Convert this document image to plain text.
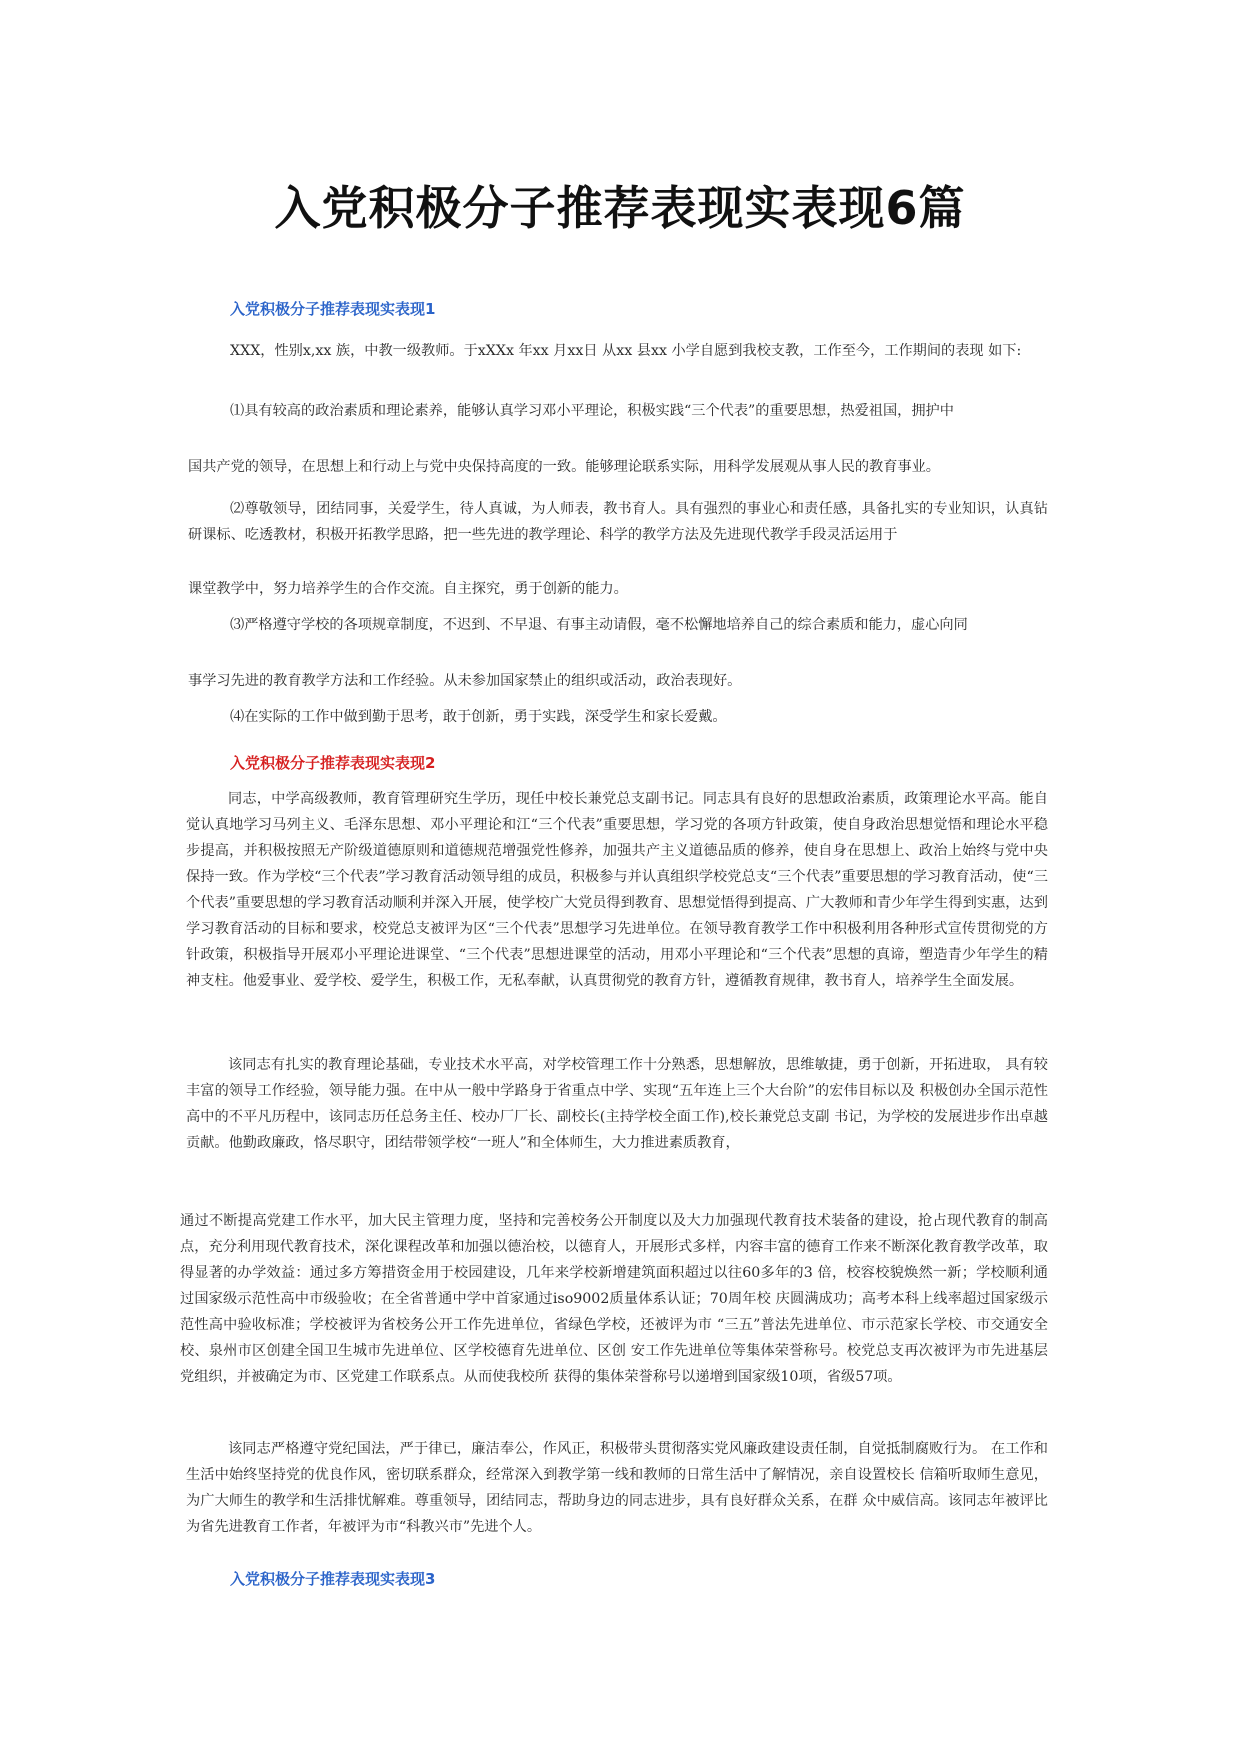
入党积极分子推荐表现实表现6篇
入党积极分子推荐表现实表现1

XXX，性别x,xx 族，中教一级教师。于xXXx 年xx 月xx日 从xx 县xx 小学自愿到我校支教，工作至今，工作期间的表现 如下:

⑴具有较高的政治素质和理论素养，能够认真学习邓小平理论，积极实践“三个代表”的重要思想，热爱祖国，拥护中

国共产党的领导，在思想上和行动上与党中央保持高度的一致。能够理论联系实际，用科学发展观从事人民的教育事业。

⑵尊敬领导，团结同事，关爱学生，待人真诚，为人师表，教书育人。具有强烈的事业心和责任感，具备扎实的专业知识，认真钻研课标、吃透教材，积极开拓教学思路，把一些先进的教学理论、科学的教学方法及先进现代教学手段灵活运用于

课堂教学中，努力培养学生的合作交流。自主探究，勇于创新的能力。

⑶严格遵守学校的各项规章制度，不迟到、不早退、有事主动请假，毫不松懈地培养自己的综合素质和能力，虚心向同

事学习先进的教育教学方法和工作经验。从未参加国家禁止的组织或活动，政治表现好。

⑷在实际的工作中做到勤于思考，敢于创新，勇于实践，深受学生和家长爱戴。

入党积极分子推荐表现实表现2

同志，中学高级教师，教育管理研究生学历，现任中校长兼党总支副书记。同志具有良好的思想政治素质，政策理论水平高。能自觉认真地学习马列主义、毛泽东思想、邓小平理论和江“三个代表”重要思想，学习党的各项方针政策，使自身政治思想觉悟和理论水平稳步提高，并积极按照无产阶级道德原则和道德规范增强党性修养，加强共产主义道德品质的修养，使自身在思想上、政治上始终与党中央保持一致。作为学校“三个代表”学习教育活动领导组的成员，积极参与并认真组织学校党总支“三个代表”重要思想的学习教育活动，使“三个代表”重要思想的学习教育活动顺利并深入开展，使学校广大党员得到教育、思想觉悟得到提高、广大教师和青少年学生得到实惠，达到学习教育活动的目标和要求，校党总支被评为区“三个代表”思想学习先进单位。在领导教育教学工作中积极利用各种形式宣传贯彻党的方针政策，积极指导开展邓小平理论进课堂、“三个代表”思想进课堂的活动，用邓小平理论和“三个代表”思想的真谛，塑造青少年学生的精神支柱。他爱事业、爱学校、爱学生，积极工作，无私奉献，认真贯彻党的教育方针，遵循教育规律，教书育人，培养学生全面发展。

该同志有扎实的教育理论基础，专业技术水平高，对学校管理工作十分熟悉，思想解放，思维敏捷，勇于创新，开拓进取， 具有较丰富的领导工作经验，领导能力强。在中从一般中学路身于省重点中学、实现“五年连上三个大台阶”的宏伟目标以及 积极创办全国示范性高中的不平凡历程中，该同志历任总务主任、校办厂厂长、副校长(主持学校全面工作),校长兼党总支副 书记，为学校的发展进步作出卓越贡献。他勤政廉政，恪尽职守，团结带领学校“一班人”和全体师生，大力推进素质教育，

通过不断提高党建工作水平，加大民主管理力度，坚持和完善校务公开制度以及大力加强现代教育技术装备的建设，抢占现代教育的制高点，充分利用现代教育技术，深化课程改革和加强以德治校，以德育人，开展形式多样，内容丰富的德育工作来不断深化教育教学改革，取得显著的办学效益：通过多方筹措资金用于校园建设，几年来学校新增建筑面积超过以往60多年的3 倍，校容校貌焕然一新；学校顺利通过国家级示范性高中市级验收；在全省普通中学中首家通过iso9002质量体系认证；70周年校 庆圆满成功；高考本科上线率超过国家级示范性高中验收标准；学校被评为省校务公开工作先进单位，省绿色学校，还被评为市 “三五”普法先进单位、市示范家长学校、市交通安全校、泉州市区创建全国卫生城市先进单位、区学校德育先进单位、区创 安工作先进单位等集体荣誉称号。校党总支再次被评为市先进基层党组织，并被确定为市、区党建工作联系点。从而使我校所 获得的集体荣誉称号以递增到国家级10项，省级57项。

该同志严格遵守党纪国法，严于律已，廉洁奉公，作风正，积极带头贯彻落实党风廉政建设责任制，自觉抵制腐败行为。 在工作和生活中始终坚持党的优良作风，密切联系群众，经常深入到教学第一线和教师的日常生活中了解情况，亲自设置校长 信箱听取师生意见，为广大师生的教学和生活排忧解难。尊重领导，团结同志，帮助身边的同志进步，具有良好群众关系，在群 众中威信高。该同志年被评比为省先进教育工作者，年被评为市“科教兴市”先进个人。

入党积极分子推荐表现实表现3
